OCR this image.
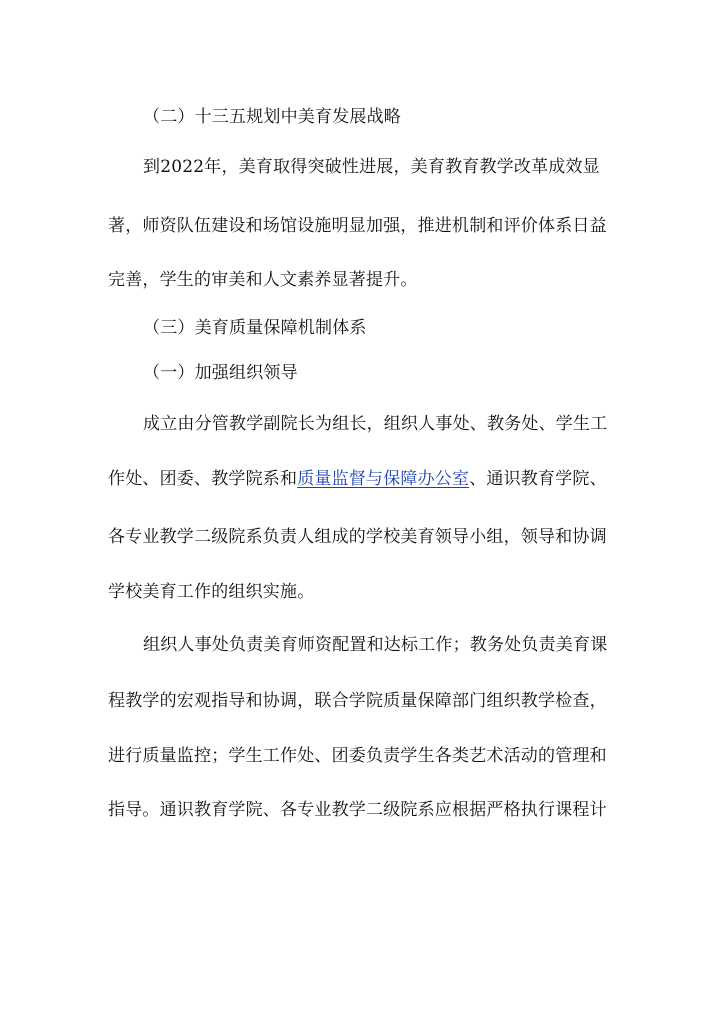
（二）十三五规划中美育发展战略
到2022年，美育取得突破性进展，美育教育教学改革成效显
著，师资队伍建设和场馆设施明显加强，推进机制和评价体系日益
完善，学生的审美和人文素养显著提升。
（三）美育质量保障机制体系
（一）加强组织领导
成立由分管教学副院长为组长，组织人事处、教务处、学生工
作处、团委、教学院系和质量监督与保障办公室、通识教育学院、
各专业教学二级院系负责人组成的学校美育领导小组，领导和协调
学校美育工作的组织实施。
组织人事处负责美育师资配置和达标工作；教务处负责美育课
程教学的宏观指导和协调，联合学院质量保障部门组织教学检查，
进行质量监控；学生工作处、团委负责学生各类艺术活动的管理和
指导。通识教育学院、各专业教学二级院系应根据严格执行课程计
